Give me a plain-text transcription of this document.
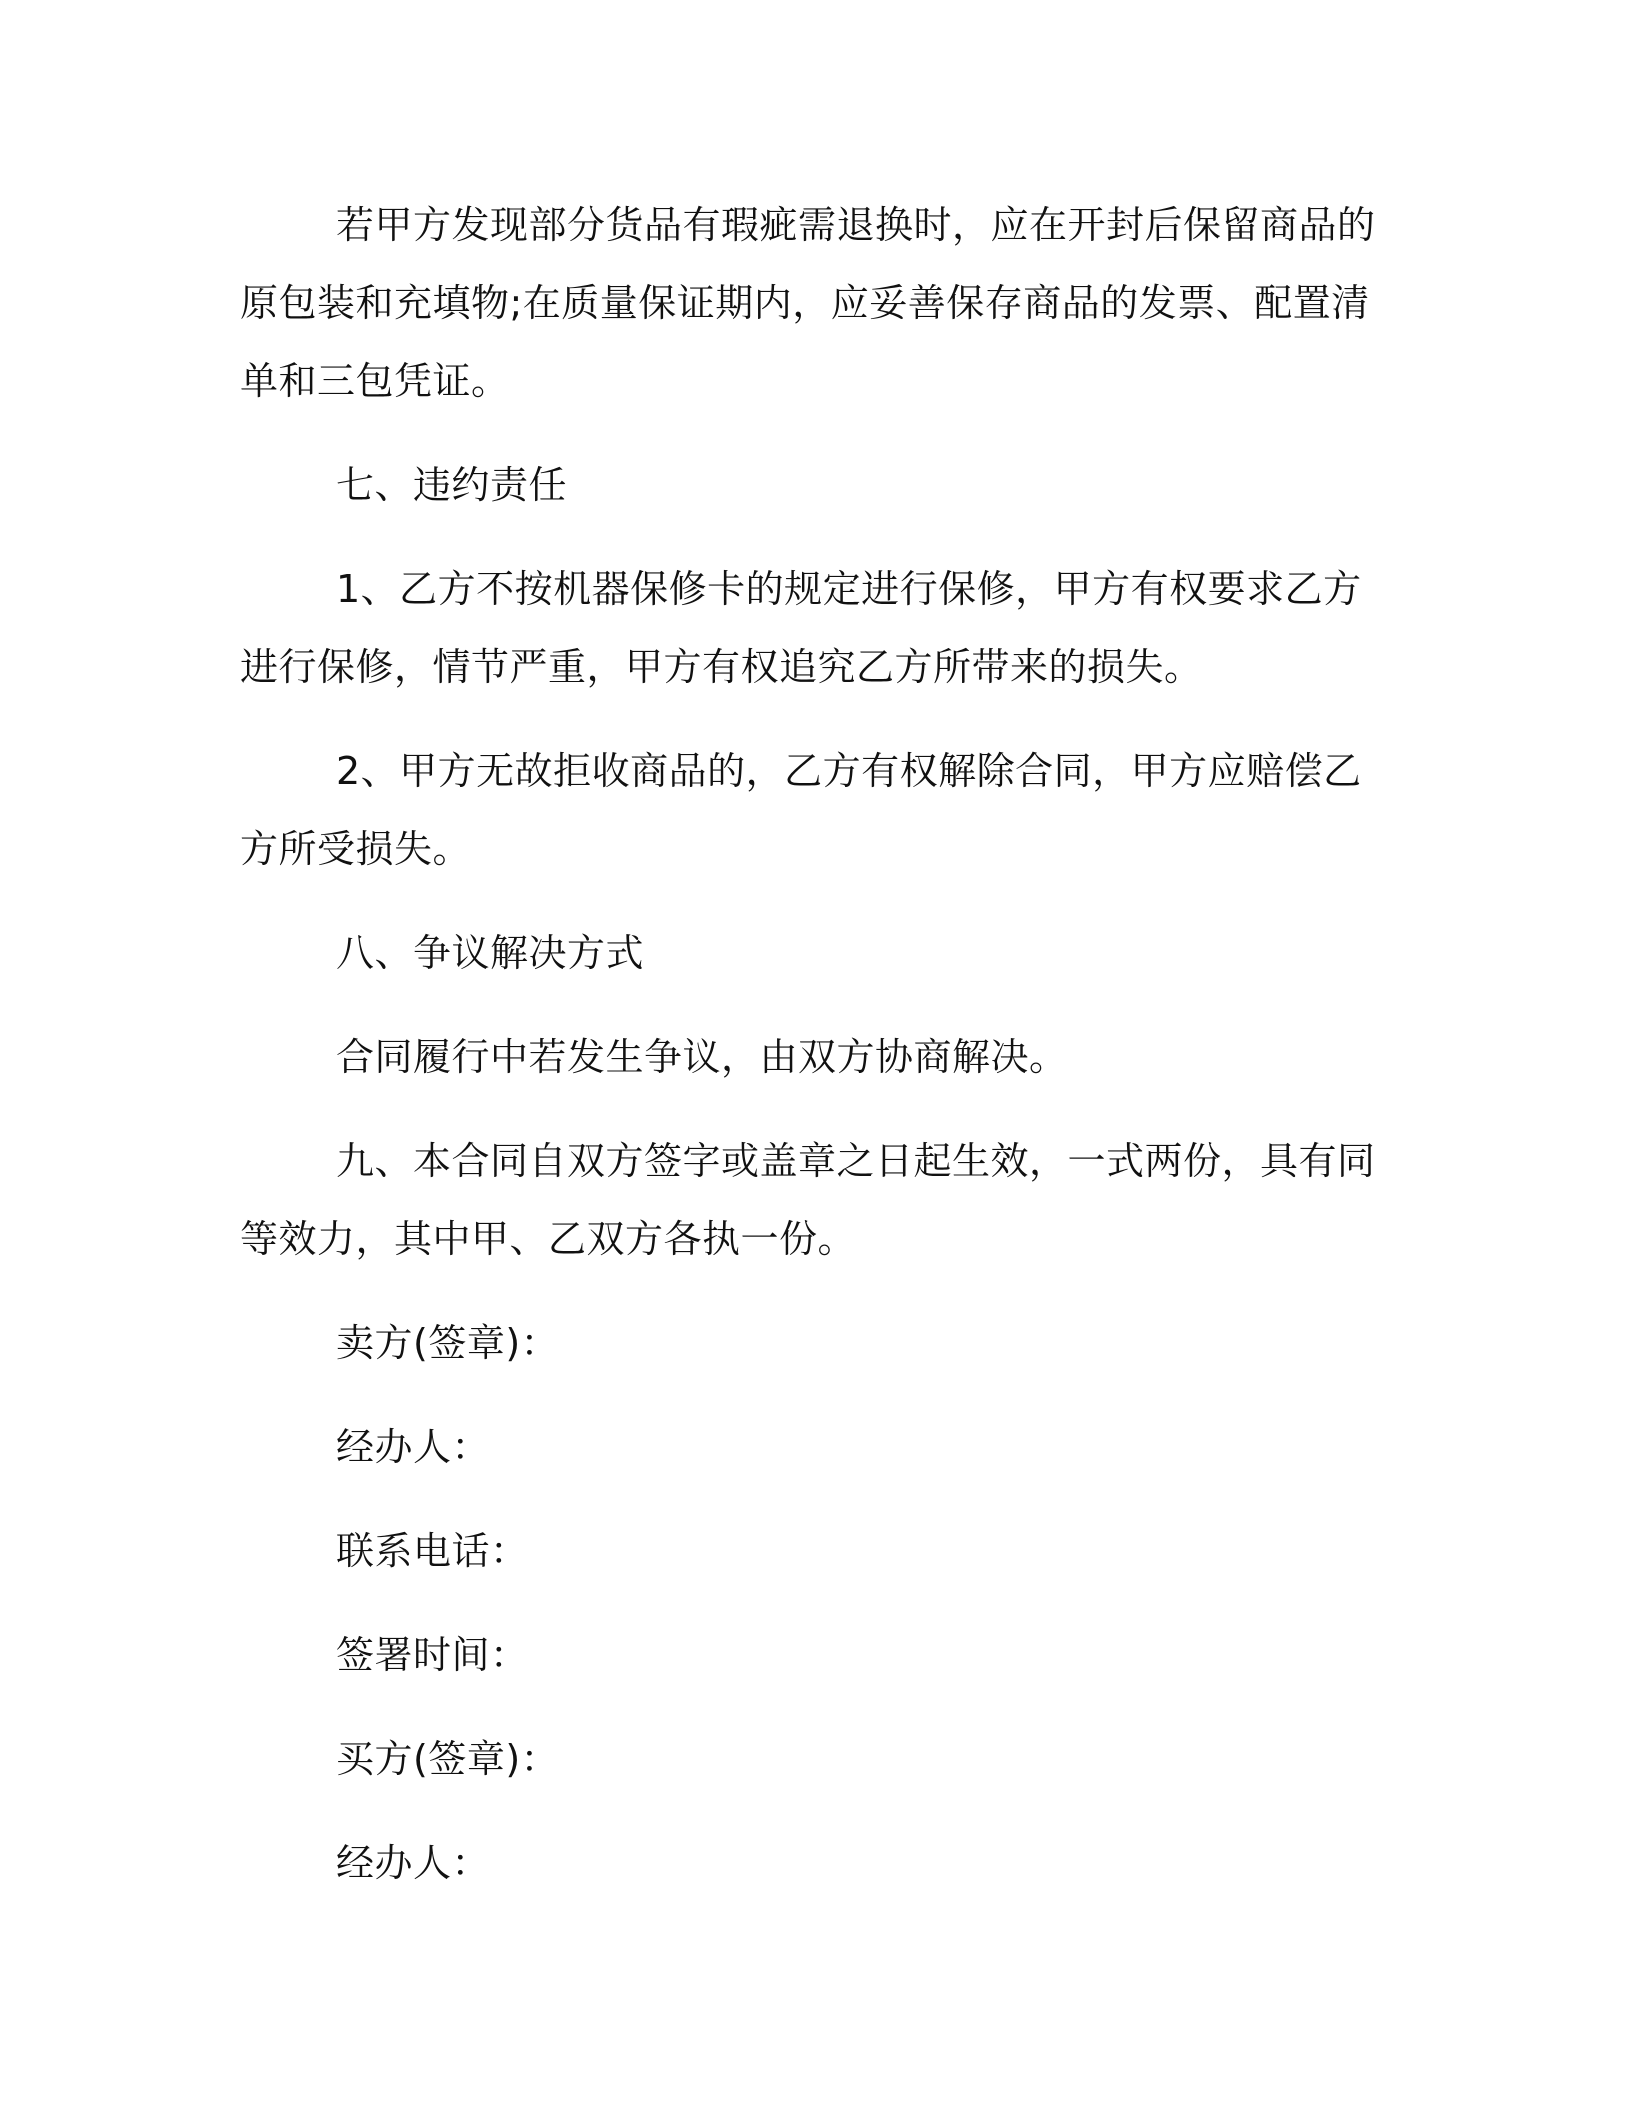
若甲方发现部分货品有瑕疵需退换时，应在开封后保留商品的原包装和充填物;在质量保证期内，应妥善保存商品的发票、配置清单和三包凭证。

七、违约责任

1、乙方不按机器保修卡的规定进行保修，甲方有权要求乙方进行保修，情节严重，甲方有权追究乙方所带来的损失。

2、甲方无故拒收商品的，乙方有权解除合同，甲方应赔偿乙方所受损失。

八、争议解决方式

合同履行中若发生争议，由双方协商解决。

九、本合同自双方签字或盖章之日起生效，一式两份，具有同等效力，其中甲、乙双方各执一份。

卖方(签章)：

经办人：

联系电话：

签署时间：

买方(签章)：

经办人：
